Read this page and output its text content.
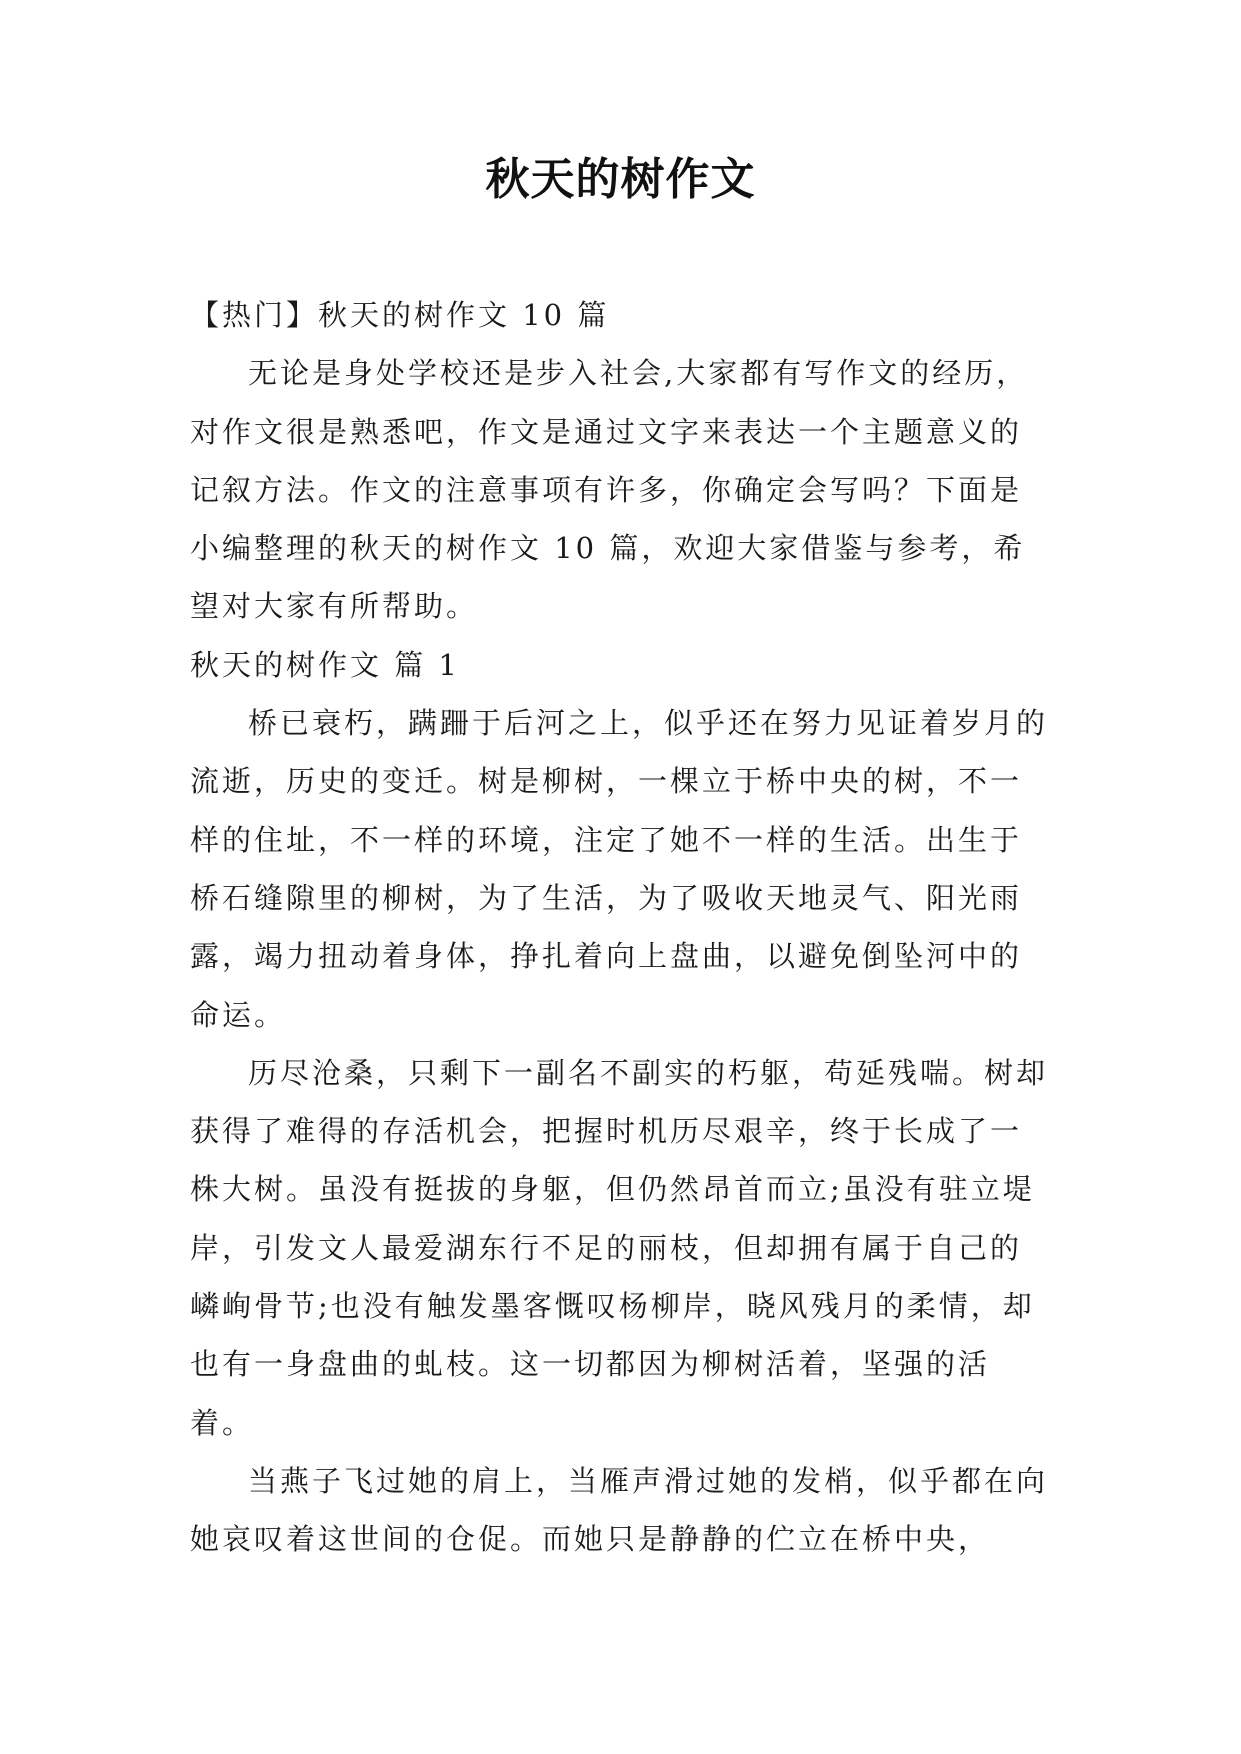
秋天的树作文

【热门】秋天的树作文 10 篇

无论是身处学校还是步入社会,大家都有写作文的经历，对作文很是熟悉吧，作文是通过文字来表达一个主题意义的记叙方法。作文的注意事项有许多，你确定会写吗？下面是小编整理的秋天的树作文 10 篇，欢迎大家借鉴与参考，希望对大家有所帮助。

秋天的树作文 篇 1

桥已衰朽，蹒跚于后河之上，似乎还在努力见证着岁月的流逝，历史的变迁。树是柳树，一棵立于桥中央的树，不一样的住址，不一样的环境，注定了她不一样的生活。出生于桥石缝隙里的柳树，为了生活，为了吸收天地灵气、阳光雨露，竭力扭动着身体，挣扎着向上盘曲，以避免倒坠河中的命运。

历尽沧桑，只剩下一副名不副实的朽躯，苟延残喘。树却获得了难得的存活机会，把握时机历尽艰辛，终于长成了一株大树。虽没有挺拔的身躯，但仍然昂首而立;虽没有驻立堤岸，引发文人最爱湖东行不足的丽枝，但却拥有属于自己的嶙峋骨节;也没有触发墨客慨叹杨柳岸，晓风残月的柔情，却也有一身盘曲的虬枝。这一切都因为柳树活着，坚强的活着。

当燕子飞过她的肩上，当雁声滑过她的发梢，似乎都在向她哀叹着这世间的仓促。而她只是静静的伫立在桥中央，
